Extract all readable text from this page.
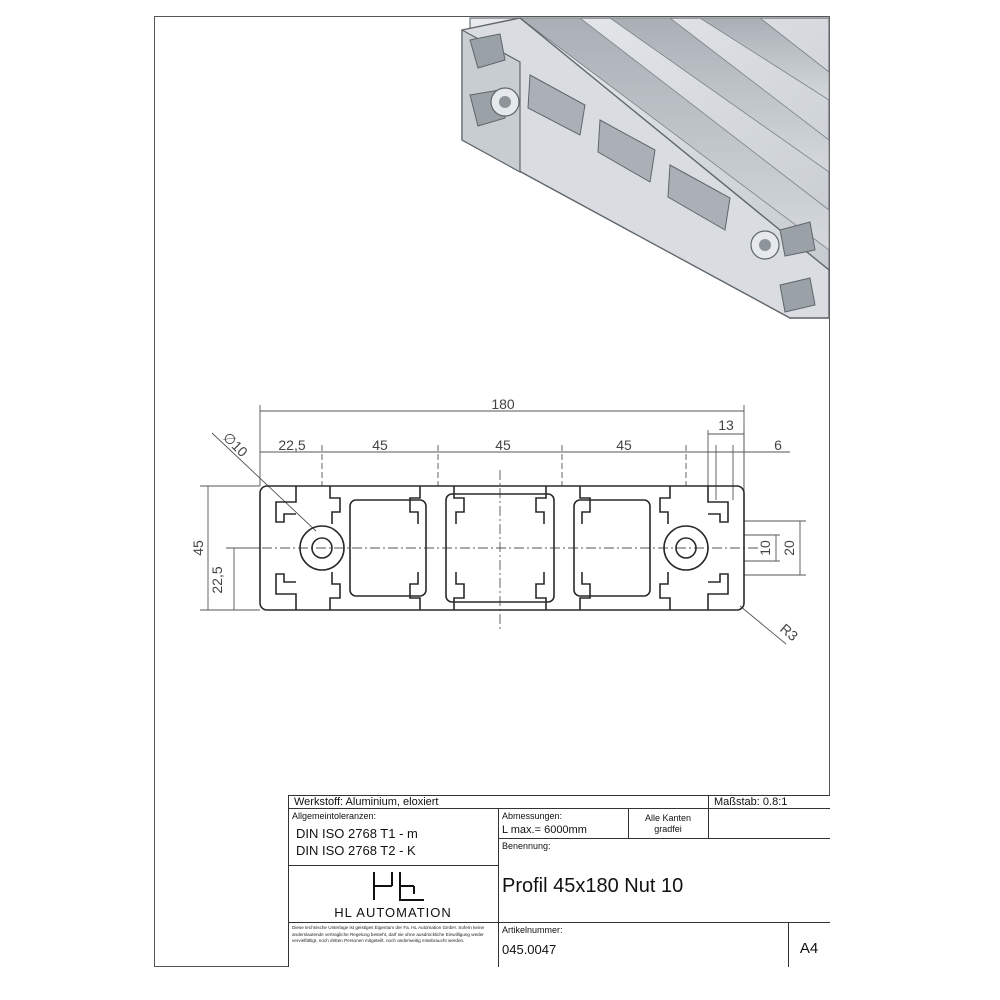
180
22,5	45	45	45
13
6
45
22,5
10 20
∅10
R3
Werkstoff: Aluminium, eloxiert	Maßstab: 0.8:1
Allgemeintoleranzen:
DIN ISO 2768 T1 - m
DIN ISO 2768 T2 - K
Abmessungen:
L max.= 6000mm
Alle Kanten
gradfei
Benennung:
Profil 45x180 Nut 10
HL AUTOMATION
Diese technische Unterlage ist geistiges Eigentum der Fa. HL Automation GmbH. Sofern keine anderslautende vertragliche Regelung besteht, darf sie ohne ausdrückliche Einwilligung weder vervielfältigt, noch dritten Personen mitgeteilt, noch anderweitig missbraucht werden.
Artikelnummer:
045.0047	A4
